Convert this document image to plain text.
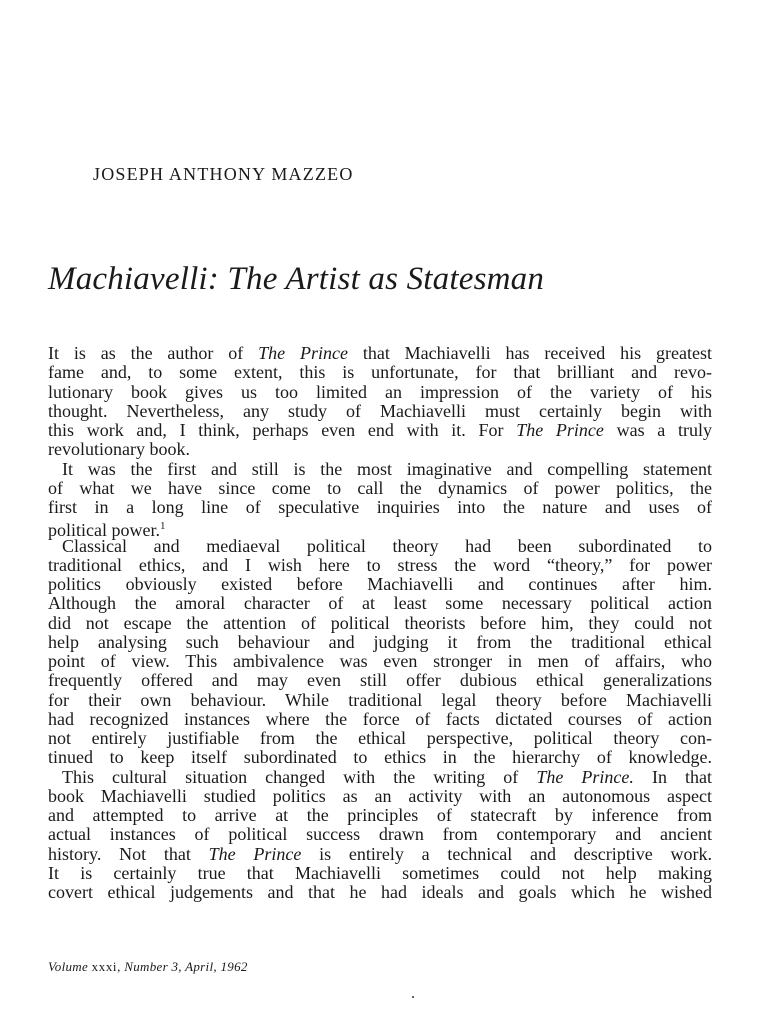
JOSEPH ANTHONY MAZZEO
Machiavelli: The Artist as Statesman
It is as the author of The Prince that Machiavelli has received his greatest
fame and, to some extent, this is unfortunate, for that brilliant and revo-
lutionary book gives us too limited an impression of the variety of his
thought. Nevertheless, any study of Machiavelli must certainly begin with
this work and, I think, perhaps even end with it. For The Prince was a truly
revolutionary book.
It was the first and still is the most imaginative and compelling statement
of what we have since come to call the dynamics of power politics, the
first in a long line of speculative inquiries into the nature and uses of
political power.$^1$
Classical and mediaeval political theory had been subordinated to
traditional ethics, and I wish here to stress the word “theory,” for power
politics obviously existed before Machiavelli and continues after him.
Although the amoral character of at least some necessary political action
did not escape the attention of political theorists before him, they could not
help analysing such behaviour and judging it from the traditional ethical
point of view. This ambivalence was even stronger in men of affairs, who
frequently offered and may even still offer dubious ethical generalizations
for their own behaviour. While traditional legal theory before Machiavelli
had recognized instances where the force of facts dictated courses of action
not entirely justifiable from the ethical perspective, political theory con-
tinued to keep itself subordinated to ethics in the hierarchy of knowledge.
This cultural situation changed with the writing of The Prince. In that
book Machiavelli studied politics as an activity with an autonomous aspect
and attempted to arrive at the principles of statecraft by inference from
actual instances of political success drawn from contemporary and ancient
history. Not that The Prince is entirely a technical and descriptive work.
It is certainly true that Machiavelli sometimes could not help making
covert ethical judgements and that he had ideals and goals which he wished
Volume xxxi, Number 3, April, 1962
